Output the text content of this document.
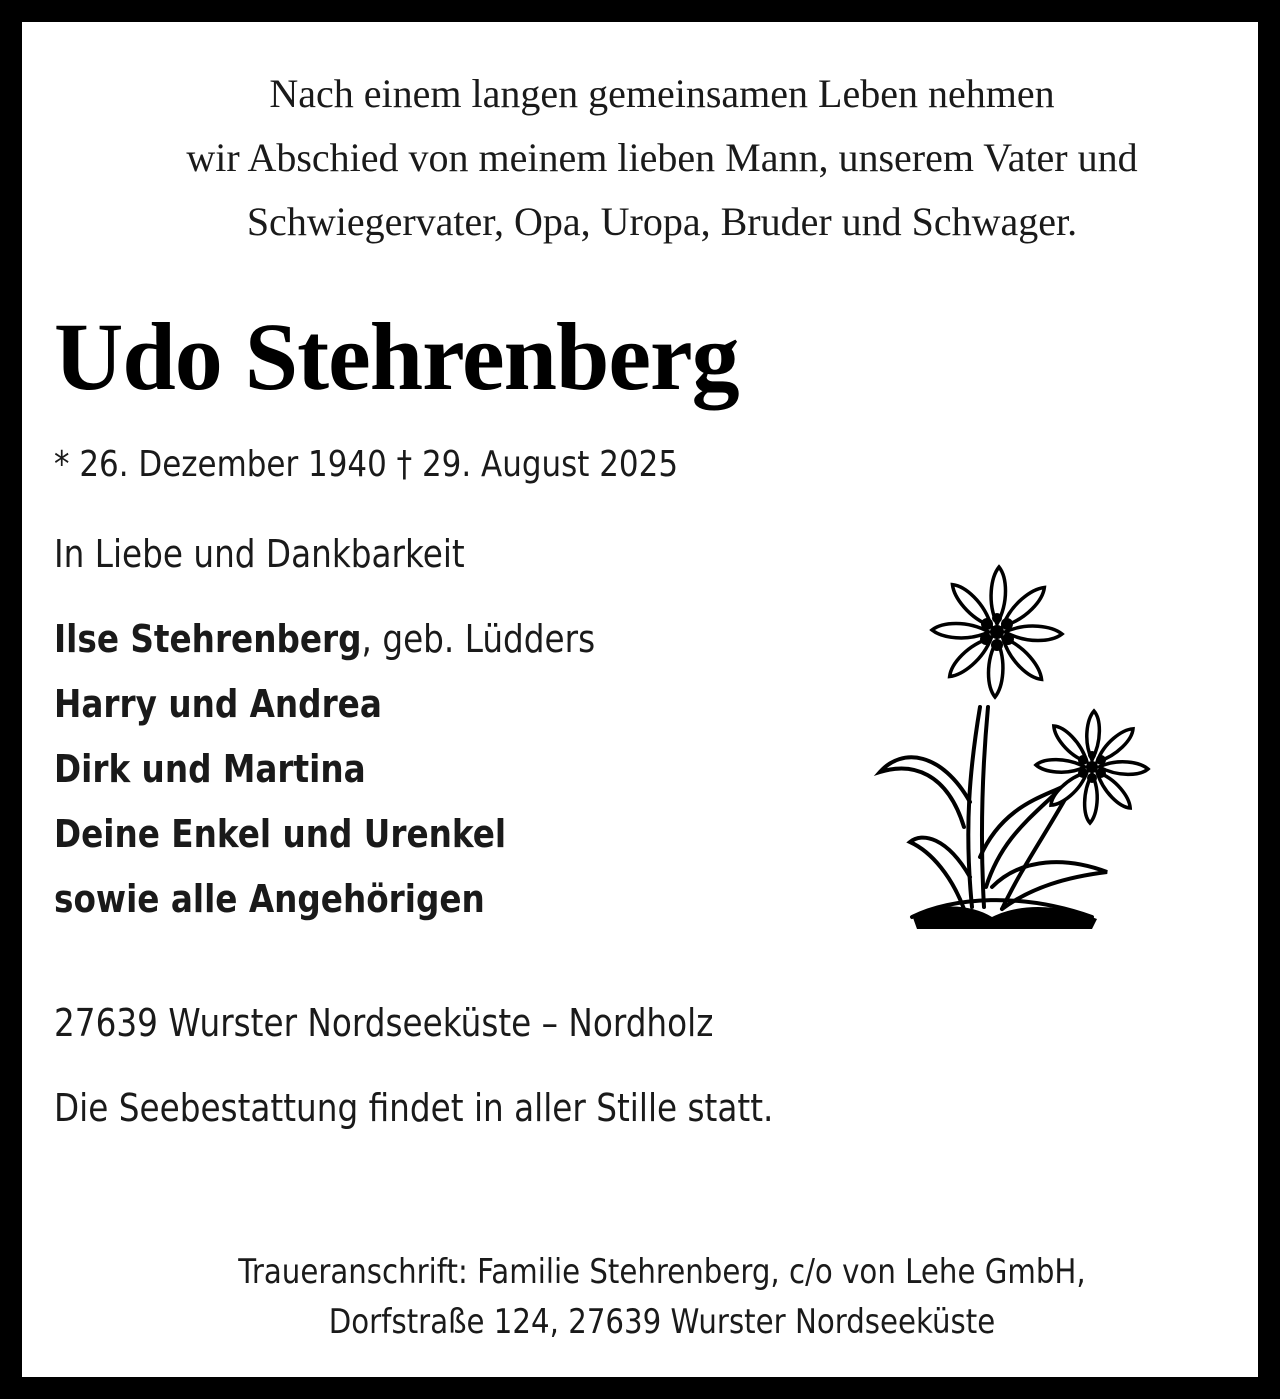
Nach einem langen gemeinsamen Leben nehmen
wir Abschied von meinem lieben Mann, unserem Vater und
Schwiegervater, Opa, Uropa, Bruder und Schwager.
Udo Stehrenberg
* 26. Dezember 1940 † 29. August 2025
In Liebe und Dankbarkeit
Ilse Stehrenberg, geb. Lüdders
Harry und Andrea
Dirk und Martina
Deine Enkel und Urenkel
sowie alle Angehörigen
27639 Wurster Nordseeküste – Nordholz
Die Seebestattung findet in aller Stille statt.
Traueranschrift: Familie Stehrenberg, c/o von Lehe GmbH,
Dorfstraße 124, 27639 Wurster Nordseeküste
